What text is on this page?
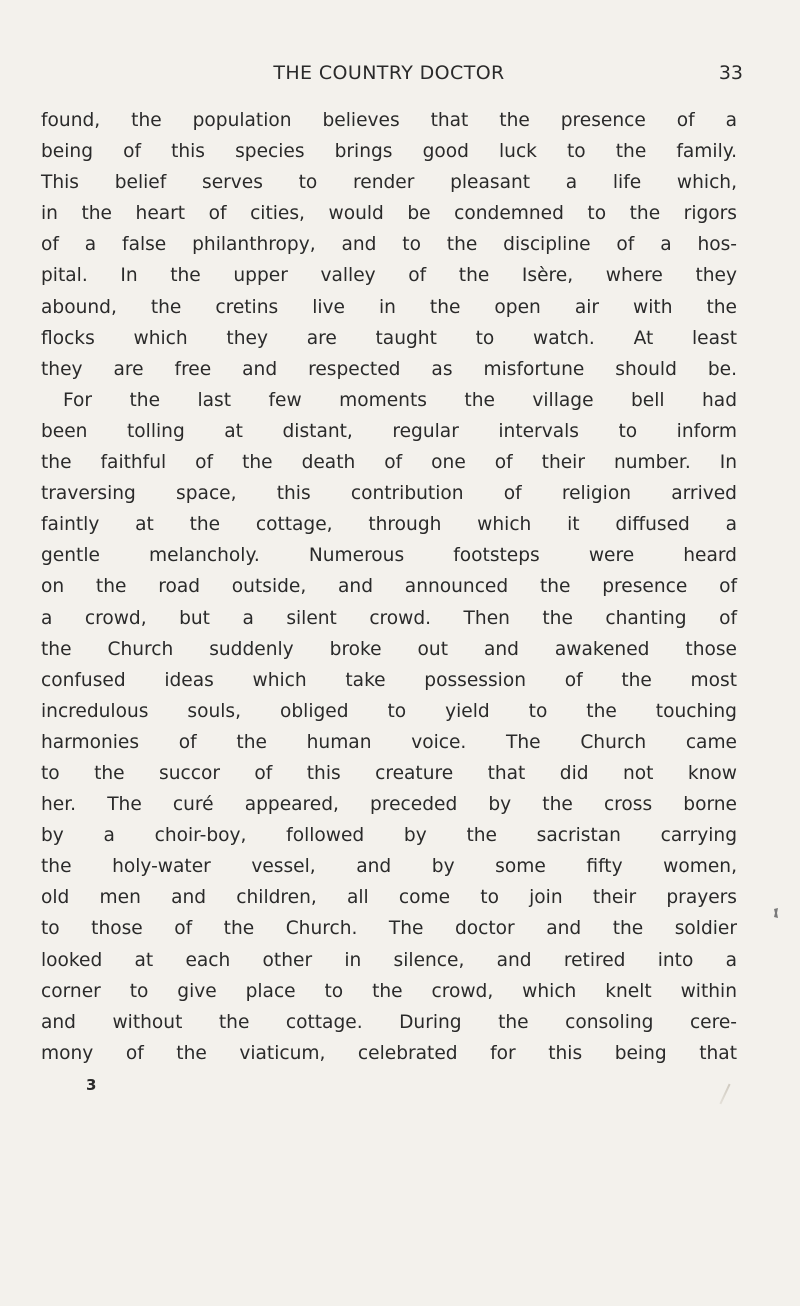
THE COUNTRY DOCTOR	33
found, the population believes that the presence of a
being of this species brings good luck to the family.
This belief serves to render pleasant a life which,
in the heart of cities, would be condemned to the rigors
of a false philanthropy, and to the discipline of a hos-
pital. In the upper valley of the Isère, where they
abound, the cretins live in the open air with the
flocks which they are taught to watch. At least
they are free and respected as misfortune should be.
For the last few moments the village bell had
been tolling at distant, regular intervals to inform
the faithful of the death of one of their number. In
traversing space, this contribution of religion arrived
faintly at the cottage, through which it diffused a
gentle melancholy. Numerous footsteps were heard
on the road outside, and announced the presence of
a crowd, but a silent crowd. Then the chanting of
the Church suddenly broke out and awakened those
confused ideas which take possession of the most
incredulous souls, obliged to yield to the touching
harmonies of the human voice. The Church came
to the succor of this creature that did not know
her. The curé appeared, preceded by the cross borne
by a choir-boy, followed by the sacristan carrying
the holy-water vessel, and by some fifty women,
old men and children, all come to join their prayers
to those of the Church. The doctor and the soldier
looked at each other in silence, and retired into a
corner to give place to the crowd, which knelt within
and without the cottage. During the consoling cere-
mony of the viaticum, celebrated for this being that
3
